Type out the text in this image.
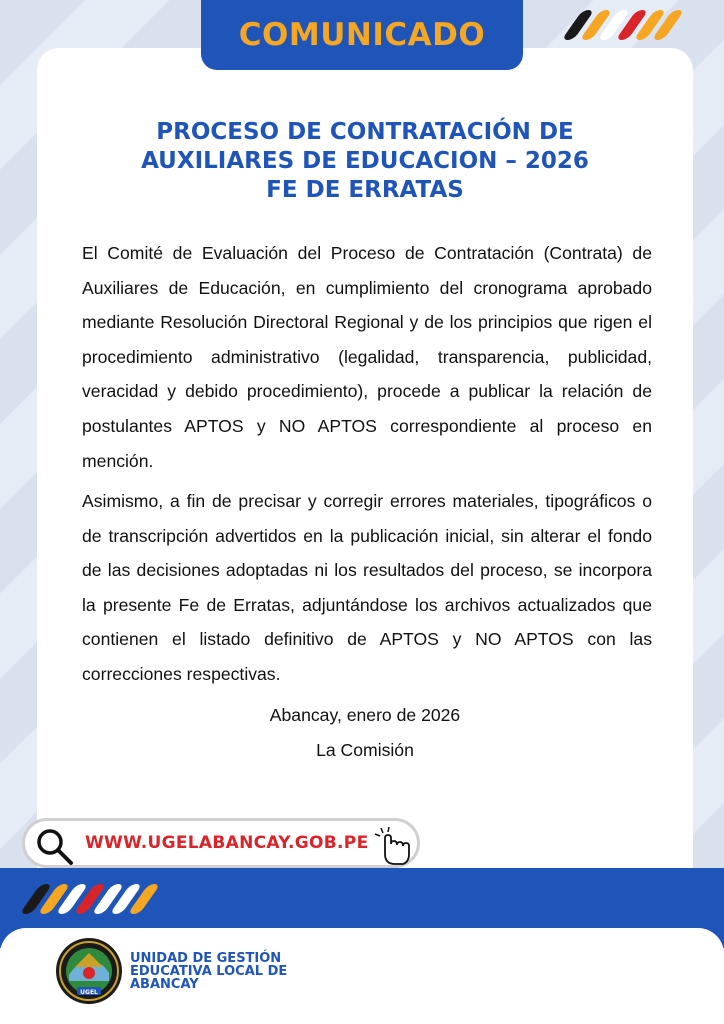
COMUNICADO
PROCESO DE CONTRATACIÓN DE
AUXILIARES DE EDUCACION – 2026
FE DE ERRATAS

El Comité de Evaluación del Proceso de Contratación (Contrata) de Auxiliares de Educación, en cumplimiento del cronograma aprobado mediante Resolución Directoral Regional y de los principios que rigen el procedimiento administrativo (legalidad, transparencia, publicidad, veracidad y debido procedimiento), procede a publicar la relación de postulantes APTOS y NO APTOS correspondiente al proceso en mención.

Asimismo, a fin de precisar y corregir errores materiales, tipográficos o de transcripción advertidos en la publicación inicial, sin alterar el fondo de las decisiones adoptadas ni los resultados del proceso, se incorpora la presente Fe de Erratas, adjuntándose los archivos actualizados que contienen el listado definitivo de APTOS y NO APTOS con las correcciones respectivas.

Abancay, enero de 2026
La Comisión
WWW.UGELABANCAY.GOB.PE
UGEL
UNIDAD DE GESTIÓN
EDUCATIVA LOCAL DE
ABANCAY
